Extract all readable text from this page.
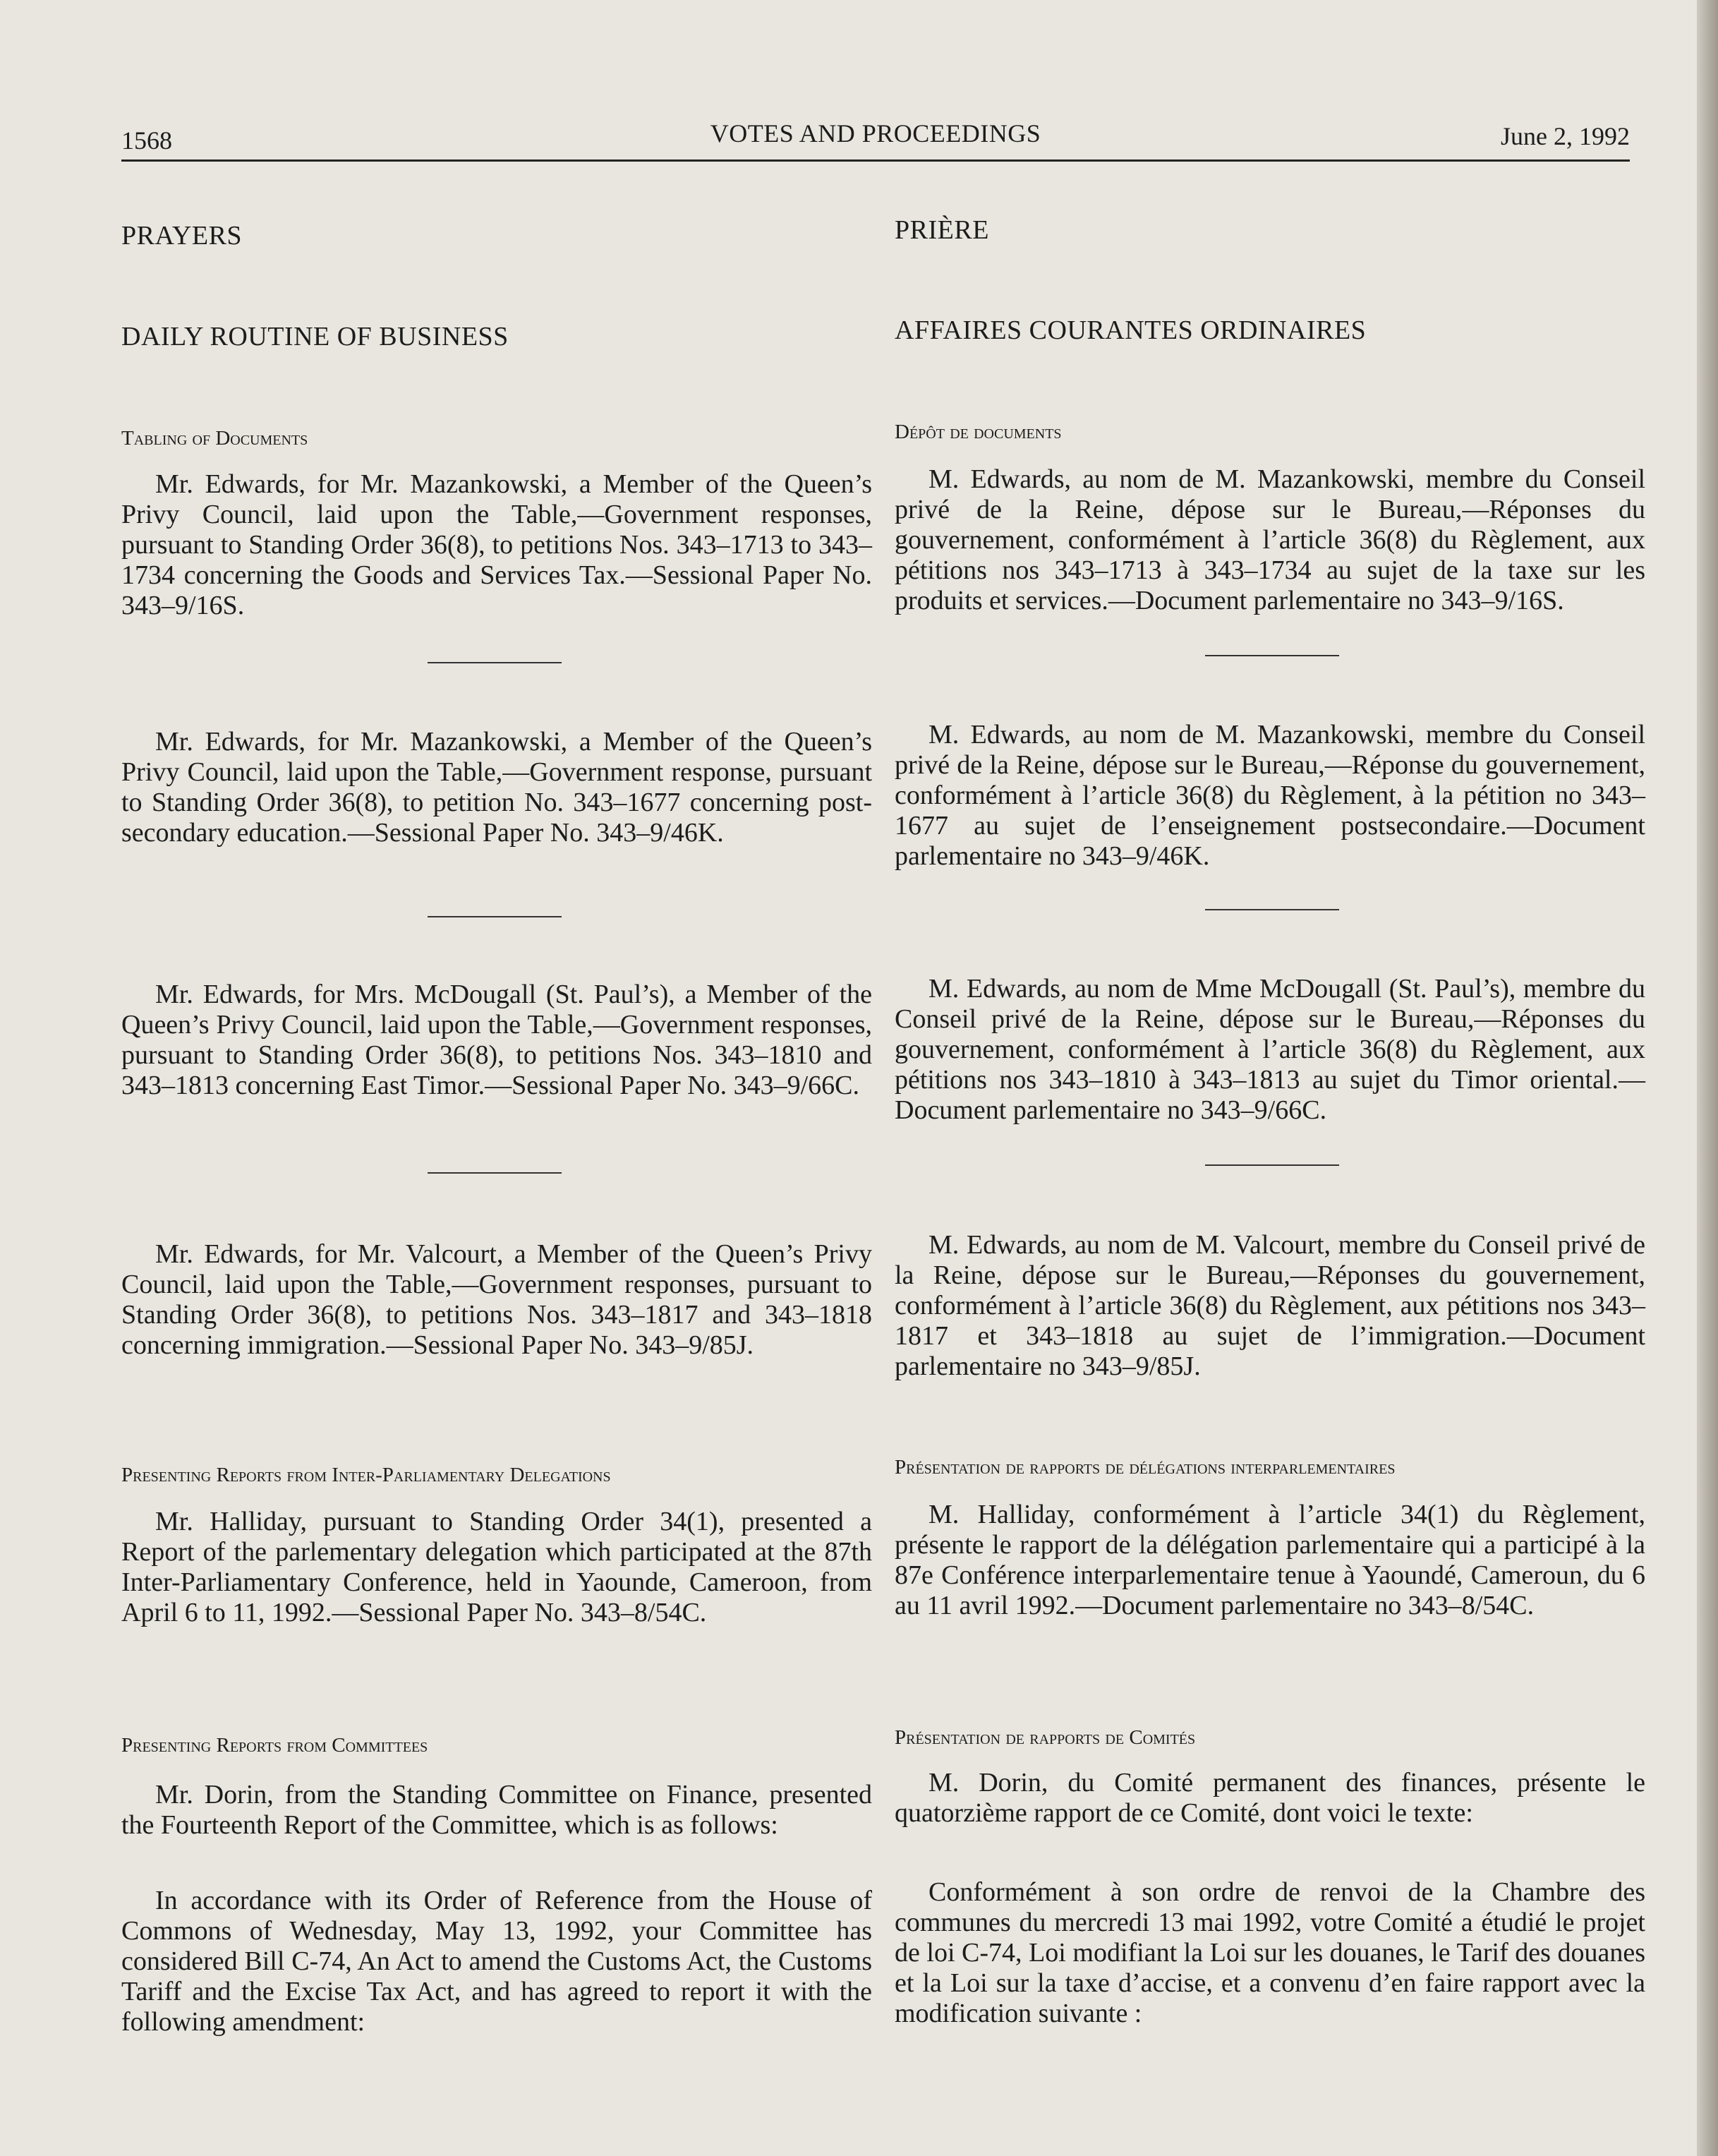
1568	VOTES AND PROCEEDINGS	June 2, 1992
PRAYERS
DAILY ROUTINE OF BUSINESS
Tabling of Documents

Mr. Edwards, for Mr. Mazankowski, a Member of the Queen’s Privy Council, laid upon the Table,—Government responses, pursuant to Standing Order 36(8), to petitions Nos. 343–1713 to 343–1734 concerning the Goods and Services Tax.—Sessional Paper No. 343–9/16S.

Mr. Edwards, for Mr. Mazankowski, a Member of the Queen’s Privy Council, laid upon the Table,—Government response, pursuant to Standing Order 36(8), to petition No. 343–1677 concerning post-secondary education.—Sessional Paper No. 343–9/46K.

Mr. Edwards, for Mrs. McDougall (St. Paul’s), a Member of the Queen’s Privy Council, laid upon the Table,—Government responses, pursuant to Standing Order 36(8), to petitions Nos. 343–1810 and 343–1813 concerning East Timor.—Sessional Paper No. 343–9/66C.

Mr. Edwards, for Mr. Valcourt, a Member of the Queen’s Privy Council, laid upon the Table,—Government responses, pursuant to Standing Order 36(8), to petitions Nos. 343–1817 and 343–1818 concerning immigration.—Sessional Paper No. 343–9/85J.

Presenting Reports from Inter-Parliamentary Delegations

Mr. Halliday, pursuant to Standing Order 34(1), presented a Report of the parlementary delegation which participated at the 87th Inter-Parliamentary Conference, held in Yaounde, Cameroon, from April 6 to 11, 1992.—Sessional Paper No. 343–8/54C.

Presenting Reports from Committees

Mr. Dorin, from the Standing Committee on Finance, presented the Fourteenth Report of the Committee, which is as follows:

In accordance with its Order of Reference from the House of Commons of Wednesday, May 13, 1992, your Committee has considered Bill C-74, An Act to amend the Customs Act, the Customs Tariff and the Excise Tax Act, and has agreed to report it with the following amendment:

PRIÈRE
AFFAIRES COURANTES ORDINAIRES
Dépôt de documents

M. Edwards, au nom de M. Mazankowski, membre du Conseil privé de la Reine, dépose sur le Bureau,—Réponses du gouvernement, conformément à l’article 36(8) du Règlement, aux pétitions nos 343–1713 à 343–1734 au sujet de la taxe sur les produits et services.—Document parlementaire no 343–9/16S.

M. Edwards, au nom de M. Mazankowski, membre du Conseil privé de la Reine, dépose sur le Bureau,—Réponse du gouvernement, conformément à l’article 36(8) du Règlement, à la pétition no 343–1677 au sujet de l’enseignement postsecondaire.—Document parlementaire no 343–9/46K.

M. Edwards, au nom de Mme McDougall (St. Paul’s), membre du Conseil privé de la Reine, dépose sur le Bureau,—Réponses du gouvernement, conformément à l’article 36(8) du Règlement, aux pétitions nos 343–1810 à 343–1813 au sujet du Timor oriental.—Document parlementaire no 343–9/66C.

M. Edwards, au nom de M. Valcourt, membre du Conseil privé de la Reine, dépose sur le Bureau,—Réponses du gouvernement, conformément à l’article 36(8) du Règlement, aux pétitions nos 343–1817 et 343–1818 au sujet de l’immigration.—Document parlementaire no 343–9/85J.

Présentation de rapports de délégations interparlementaires

M. Halliday, conformément à l’article 34(1) du Règlement, présente le rapport de la délégation parlementaire qui a participé à la 87e Conférence interparlementaire tenue à Yaoundé, Cameroun, du 6 au 11 avril 1992.—Document parlementaire no 343–8/54C.

Présentation de rapports de Comités

M. Dorin, du Comité permanent des finances, présente le quatorzième rapport de ce Comité, dont voici le texte:

Conformément à son ordre de renvoi de la Chambre des communes du mercredi 13 mai 1992, votre Comité a étudié le projet de loi C-74, Loi modifiant la Loi sur les douanes, le Tarif des douanes et la Loi sur la taxe d’accise, et a convenu d’en faire rapport avec la modification suivante :
